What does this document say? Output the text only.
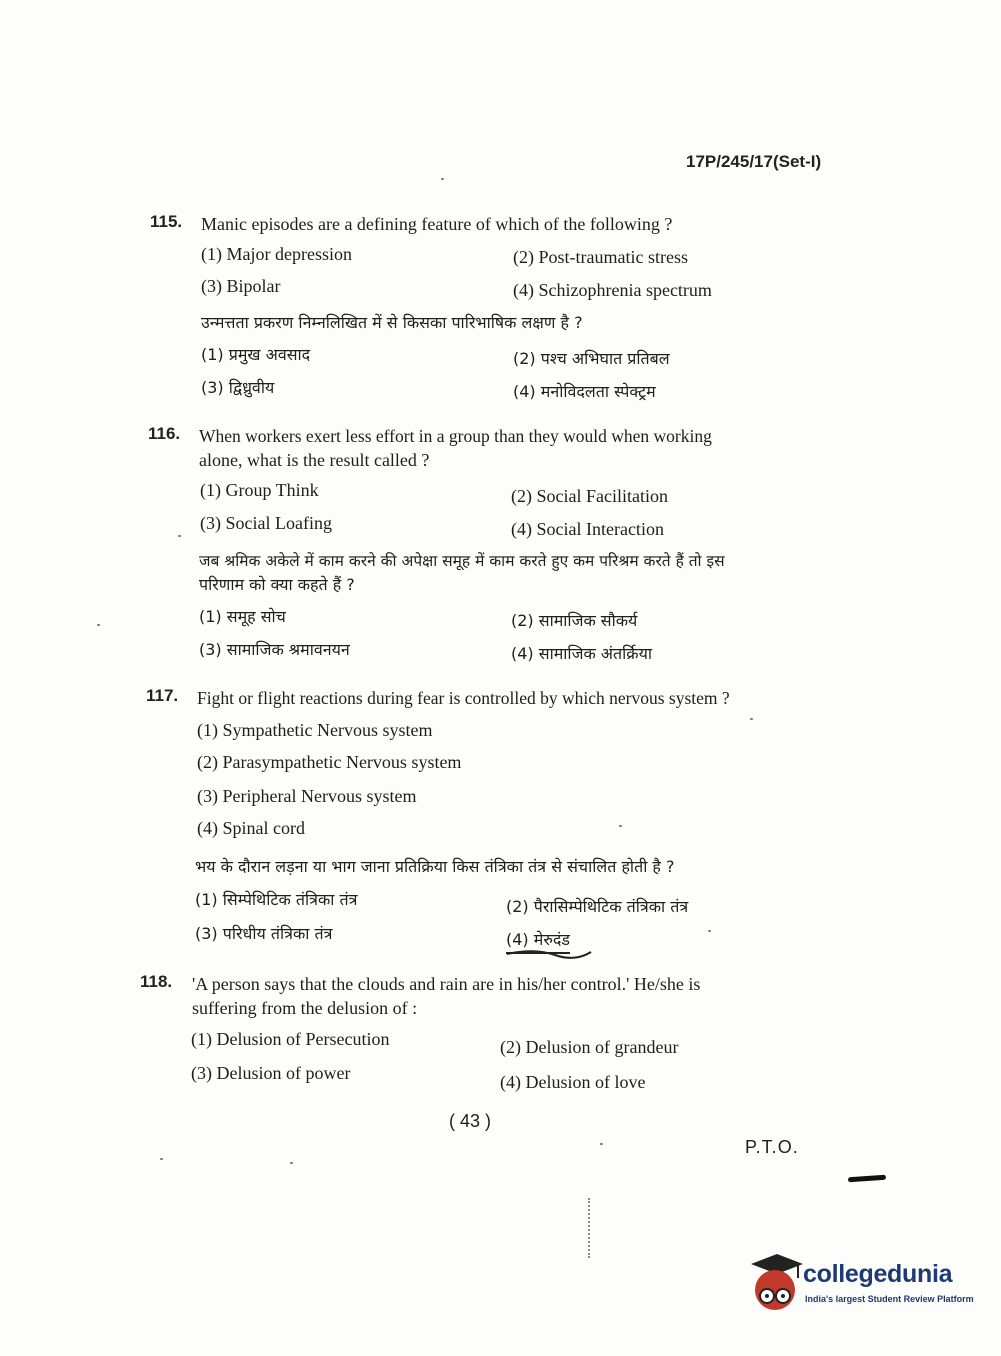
17P/245/17(Set-I)
115. Manic episodes are a defining feature of which of the following ?
(1) Major depression	(2) Post-traumatic stress
(3) Bipolar	(4) Schizophrenia spectrum
उन्मत्तता प्रकरण निम्नलिखित में से किसका पारिभाषिक लक्षण है ?
(1) प्रमुख अवसाद	(2) पश्च अभिघात प्रतिबल
(3) द्विध्रुवीय	(4) मनोविदलता स्पेक्ट्रम
116. When workers exert less effort in a group than they would when working
alone, what is the result called ?
(1) Group Think	(2) Social Facilitation
(3) Social Loafing	(4) Social Interaction
जब श्रमिक अकेले में काम करने की अपेक्षा समूह में काम करते हुए कम परिश्रम करते हैं तो इस
परिणाम को क्या कहते हैं ?
(1) समूह सोच	(2) सामाजिक सौकर्य
(3) सामाजिक श्रमावनयन	(4) सामाजिक अंतर्क्रिया
117. Fight or flight reactions during fear is controlled by which nervous system ?
(1) Sympathetic Nervous system
(2) Parasympathetic Nervous system
(3) Peripheral Nervous system
(4) Spinal cord
भय के दौरान लड़ना या भाग जाना प्रतिक्रिया किस तंत्रिका तंत्र से संचालित होती है ?
(1) सिम्पेथिटिक तंत्रिका तंत्र	(2) पैरासिम्पेथिटिक तंत्रिका तंत्र
(3) परिधीय तंत्रिका तंत्र	(4) मेरुदंड
118. 'A person says that the clouds and rain are in his/her control.' He/she is
suffering from the delusion of :
(1) Delusion of Persecution	(2) Delusion of grandeur
(3) Delusion of power	(4) Delusion of love
( 43 )
P.T.O.
collegedunia
India's largest Student Review Platform
